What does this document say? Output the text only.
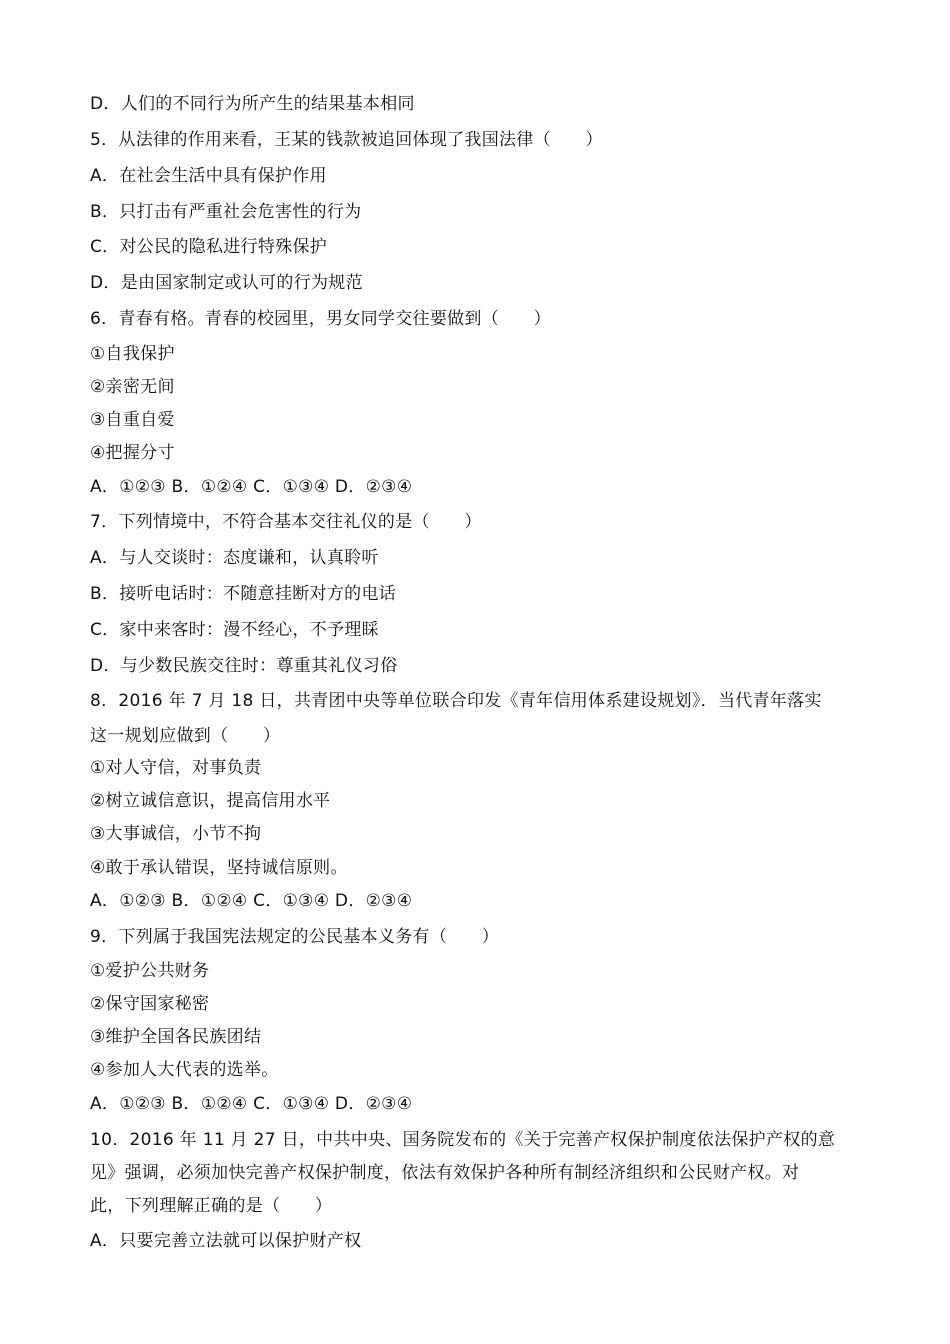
D．人们的不同行为所产生的结果基本相同
5．从法律的作用来看，王某的钱款被追回体现了我国法律（　　）
A．在社会生活中具有保护作用
B．只打击有严重社会危害性的行为
C．对公民的隐私进行特殊保护
D．是由国家制定或认可的行为规范
6．青春有格。青春的校园里，男女同学交往要做到（　　）
①自我保护
②亲密无间
③自重自爱
④把握分寸
A．①②③ B．①②④ C．①③④ D．②③④
7．下列情境中，不符合基本交往礼仪的是（　　）
A．与人交谈时：态度谦和，认真聆听
B．接听电话时：不随意挂断对方的电话
C．家中来客时：漫不经心，不予理睬
D．与少数民族交往时：尊重其礼仪习俗
8．2016 年 7 月 18 日，共青团中央等单位联合印发《青年信用体系建设规划》．当代青年落实
这一规划应做到（　　）
①对人守信，对事负责
②树立诚信意识，提高信用水平
③大事诚信，小节不拘
④敢于承认错误，坚持诚信原则。
A．①②③ B．①②④ C．①③④ D．②③④
9．下列属于我国宪法规定的公民基本义务有（　　）
①爱护公共财务
②保守国家秘密
③维护全国各民族团结
④参加人大代表的选举。
A．①②③ B．①②④ C．①③④ D．②③④
10．2016 年 11 月 27 日，中共中央、国务院发布的《关于完善产权保护制度依法保护产权的意
见》强调，必须加快完善产权保护制度，依法有效保护各种所有制经济组织和公民财产权。对
此，下列理解正确的是（　　）
A．只要完善立法就可以保护财产权
